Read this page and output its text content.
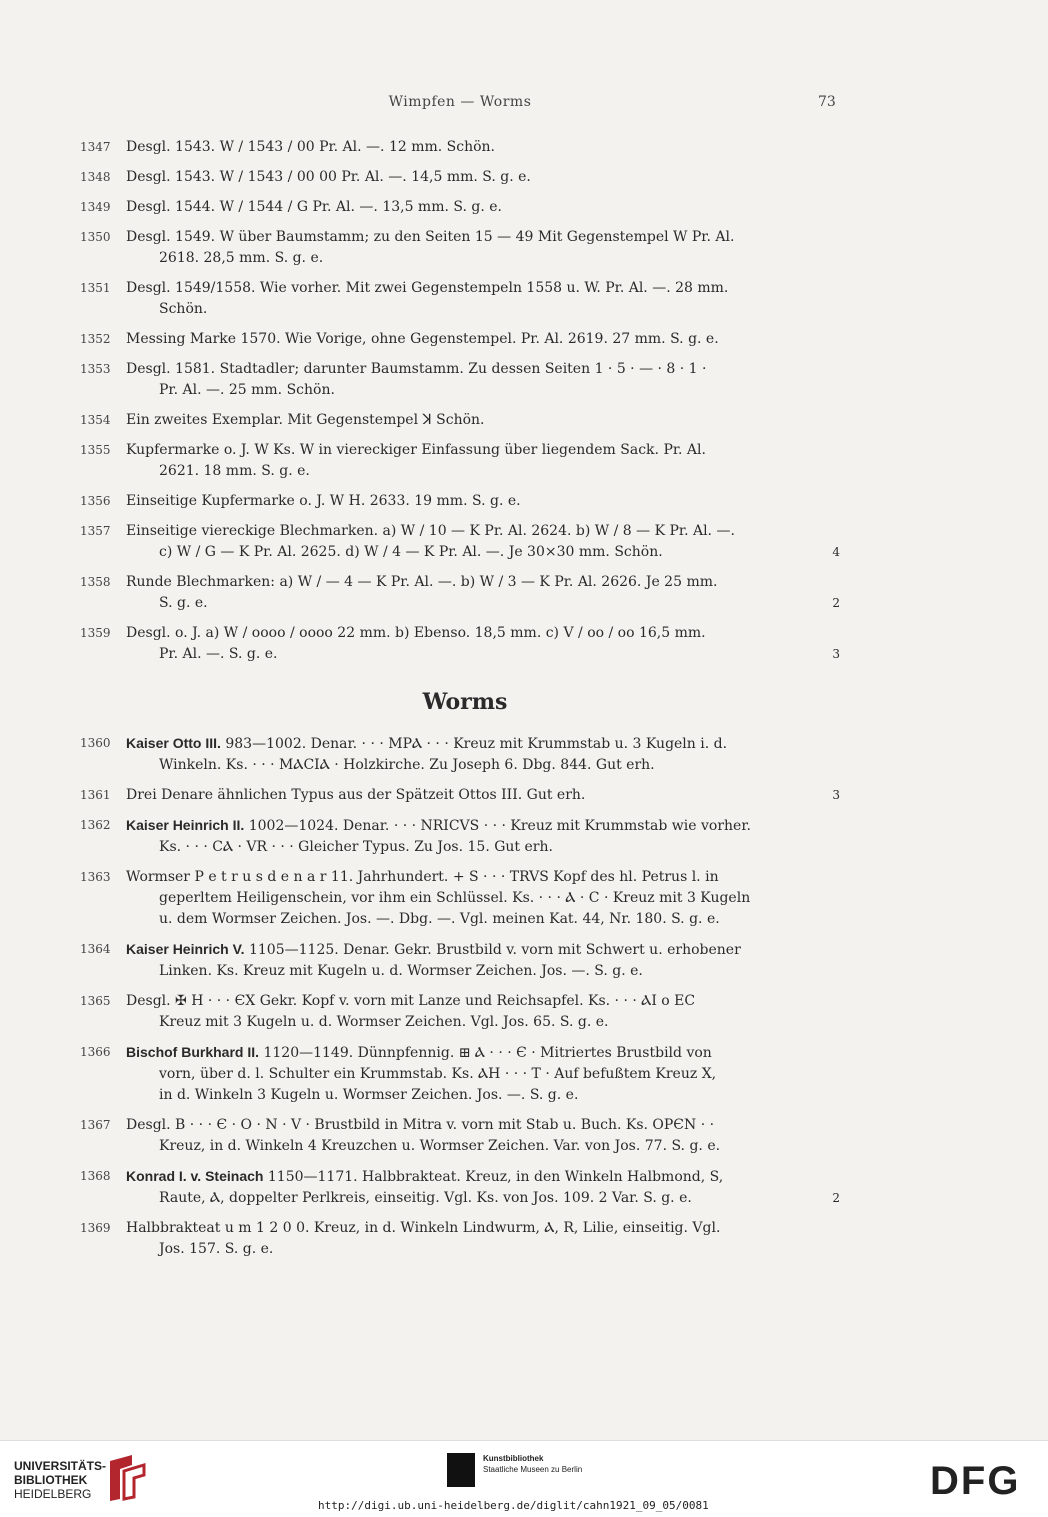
Wimpfen — Worms	73
1347 Desgl. 1543. W / 1543 / 00 Pr. Al. —. 12 mm. Schön.
1348 Desgl. 1543. W / 1543 / 00 00 Pr. Al. —. 14,5 mm. S. g. e.
1349 Desgl. 1544. W / 1544 / G Pr. Al. —. 13,5 mm. S. g. e.
1350 Desgl. 1549. W über Baumstamm; zu den Seiten 15 — 49 Mit Gegenstempel W Pr. Al.
2618. 28,5 mm. S. g. e.
1351 Desgl. 1549/1558. Wie vorher. Mit zwei Gegenstempeln 1558 u. W. Pr. Al. —. 28 mm.
Schön.
1352 Messing Marke 1570. Wie Vorige, ohne Gegenstempel. Pr. Al. 2619. 27 mm. S. g. e.
1353 Desgl. 1581. Stadtadler; darunter Baumstamm. Zu dessen Seiten 1 · 5 · — · 8 · 1 ·
Pr. Al. —. 25 mm. Schön.
1354 Ein zweites Exemplar. Mit Gegenstempel ꓘ Schön.
1355 Kupfermarke o. J. W Ks. W in viereckiger Einfassung über liegendem Sack. Pr. Al.
2621. 18 mm. S. g. e.
1356 Einseitige Kupfermarke o. J. W H. 2633. 19 mm. S. g. e.
1357 Einseitige viereckige Blechmarken. a) W / 10 — K Pr. Al. 2624. b) W / 8 — K Pr. Al. —.
c) W / G — K Pr. Al. 2625. d) W / 4 — K Pr. Al. —. Je 30×30 mm. Schön.	4
1358 Runde Blechmarken: a) W / — 4 — K Pr. Al. —. b) W / 3 — K Pr. Al. 2626. Je 25 mm.
S. g. e.	2
1359 Desgl. o. J. a) W / oooo / oooo 22 mm. b) Ebenso. 18,5 mm. c) V / oo / oo 16,5 mm.
Pr. Al. —. S. g. e.	3
Worms
1360 Kaiser Otto III. 983—1002. Denar. · · · MPⲀ · · · Kreuz mit Krummstab u. 3 Kugeln i. d.
Winkeln. Ks. · · · MⲀCIⲀ · Holzkirche. Zu Joseph 6. Dbg. 844. Gut erh.
1361 Drei Denare ähnlichen Typus aus der Spätzeit Ottos III. Gut erh.	3
1362 Kaiser Heinrich II. 1002—1024. Denar. · · · NRICVS · · · Kreuz mit Krummstab wie vorher.
Ks. · · · CⲀ · VR · · · Gleicher Typus. Zu Jos. 15. Gut erh.
1363 Wormser P e t r u s d e n a r 11. Jahrhundert. + S · · · TRVS Kopf des hl. Petrus l. in
geperltem Heiligenschein, vor ihm ein Schlüssel. Ks. · · · Ⲁ · C · Kreuz mit 3 Kugeln
u. dem Wormser Zeichen. Jos. —. Dbg. —. Vgl. meinen Kat. 44, Nr. 180. S. g. e.
1364 Kaiser Heinrich V. 1105—1125. Denar. Gekr. Brustbild v. vorn mit Schwert u. erhobener
Linken. Ks. Kreuz mit Kugeln u. d. Wormser Zeichen. Jos. —. S. g. e.
1365 Desgl. ✠ H · · · ЄX Gekr. Kopf v. vorn mit Lanze und Reichsapfel. Ks. · · · ⲀI o EC
Kreuz mit 3 Kugeln u. d. Wormser Zeichen. Vgl. Jos. 65. S. g. e.
1366 Bischof Burkhard II. 1120—1149. Dünnpfennig. ⊞ Ⲁ · · · Є · Mitriertes Brustbild von
vorn, über d. l. Schulter ein Krummstab. Ks. ⲀH · · · T · Auf befußtem Kreuz X,
in d. Winkeln 3 Kugeln u. Wormser Zeichen. Jos. —. S. g. e.
1367 Desgl. B · · · Є · O · N · V · Brustbild in Mitra v. vorn mit Stab u. Buch. Ks. OPЄN · ·
Kreuz, in d. Winkeln 4 Kreuzchen u. Wormser Zeichen. Var. von Jos. 77. S. g. e.
1368 Konrad I. v. Steinach 1150—1171. Halbbrakteat. Kreuz, in den Winkeln Halbmond, S,
Raute, Ⲁ, doppelter Perlkreis, einseitig. Vgl. Ks. von Jos. 109. 2 Var. S. g. e.	2
1369 Halbbrakteat u m 1 2 0 0. Kreuz, in d. Winkeln Lindwurm, Ⲁ, R, Lilie, einseitig. Vgl.
Jos. 157. S. g. e.
UNIVERSITÄTS-
BIBLIOTHEK
HEIDELBERG
Kunstbibliothek
Staatliche Museen zu Berlin	DFG
http://digi.ub.uni-heidelberg.de/diglit/cahn1921_09_05/0081
